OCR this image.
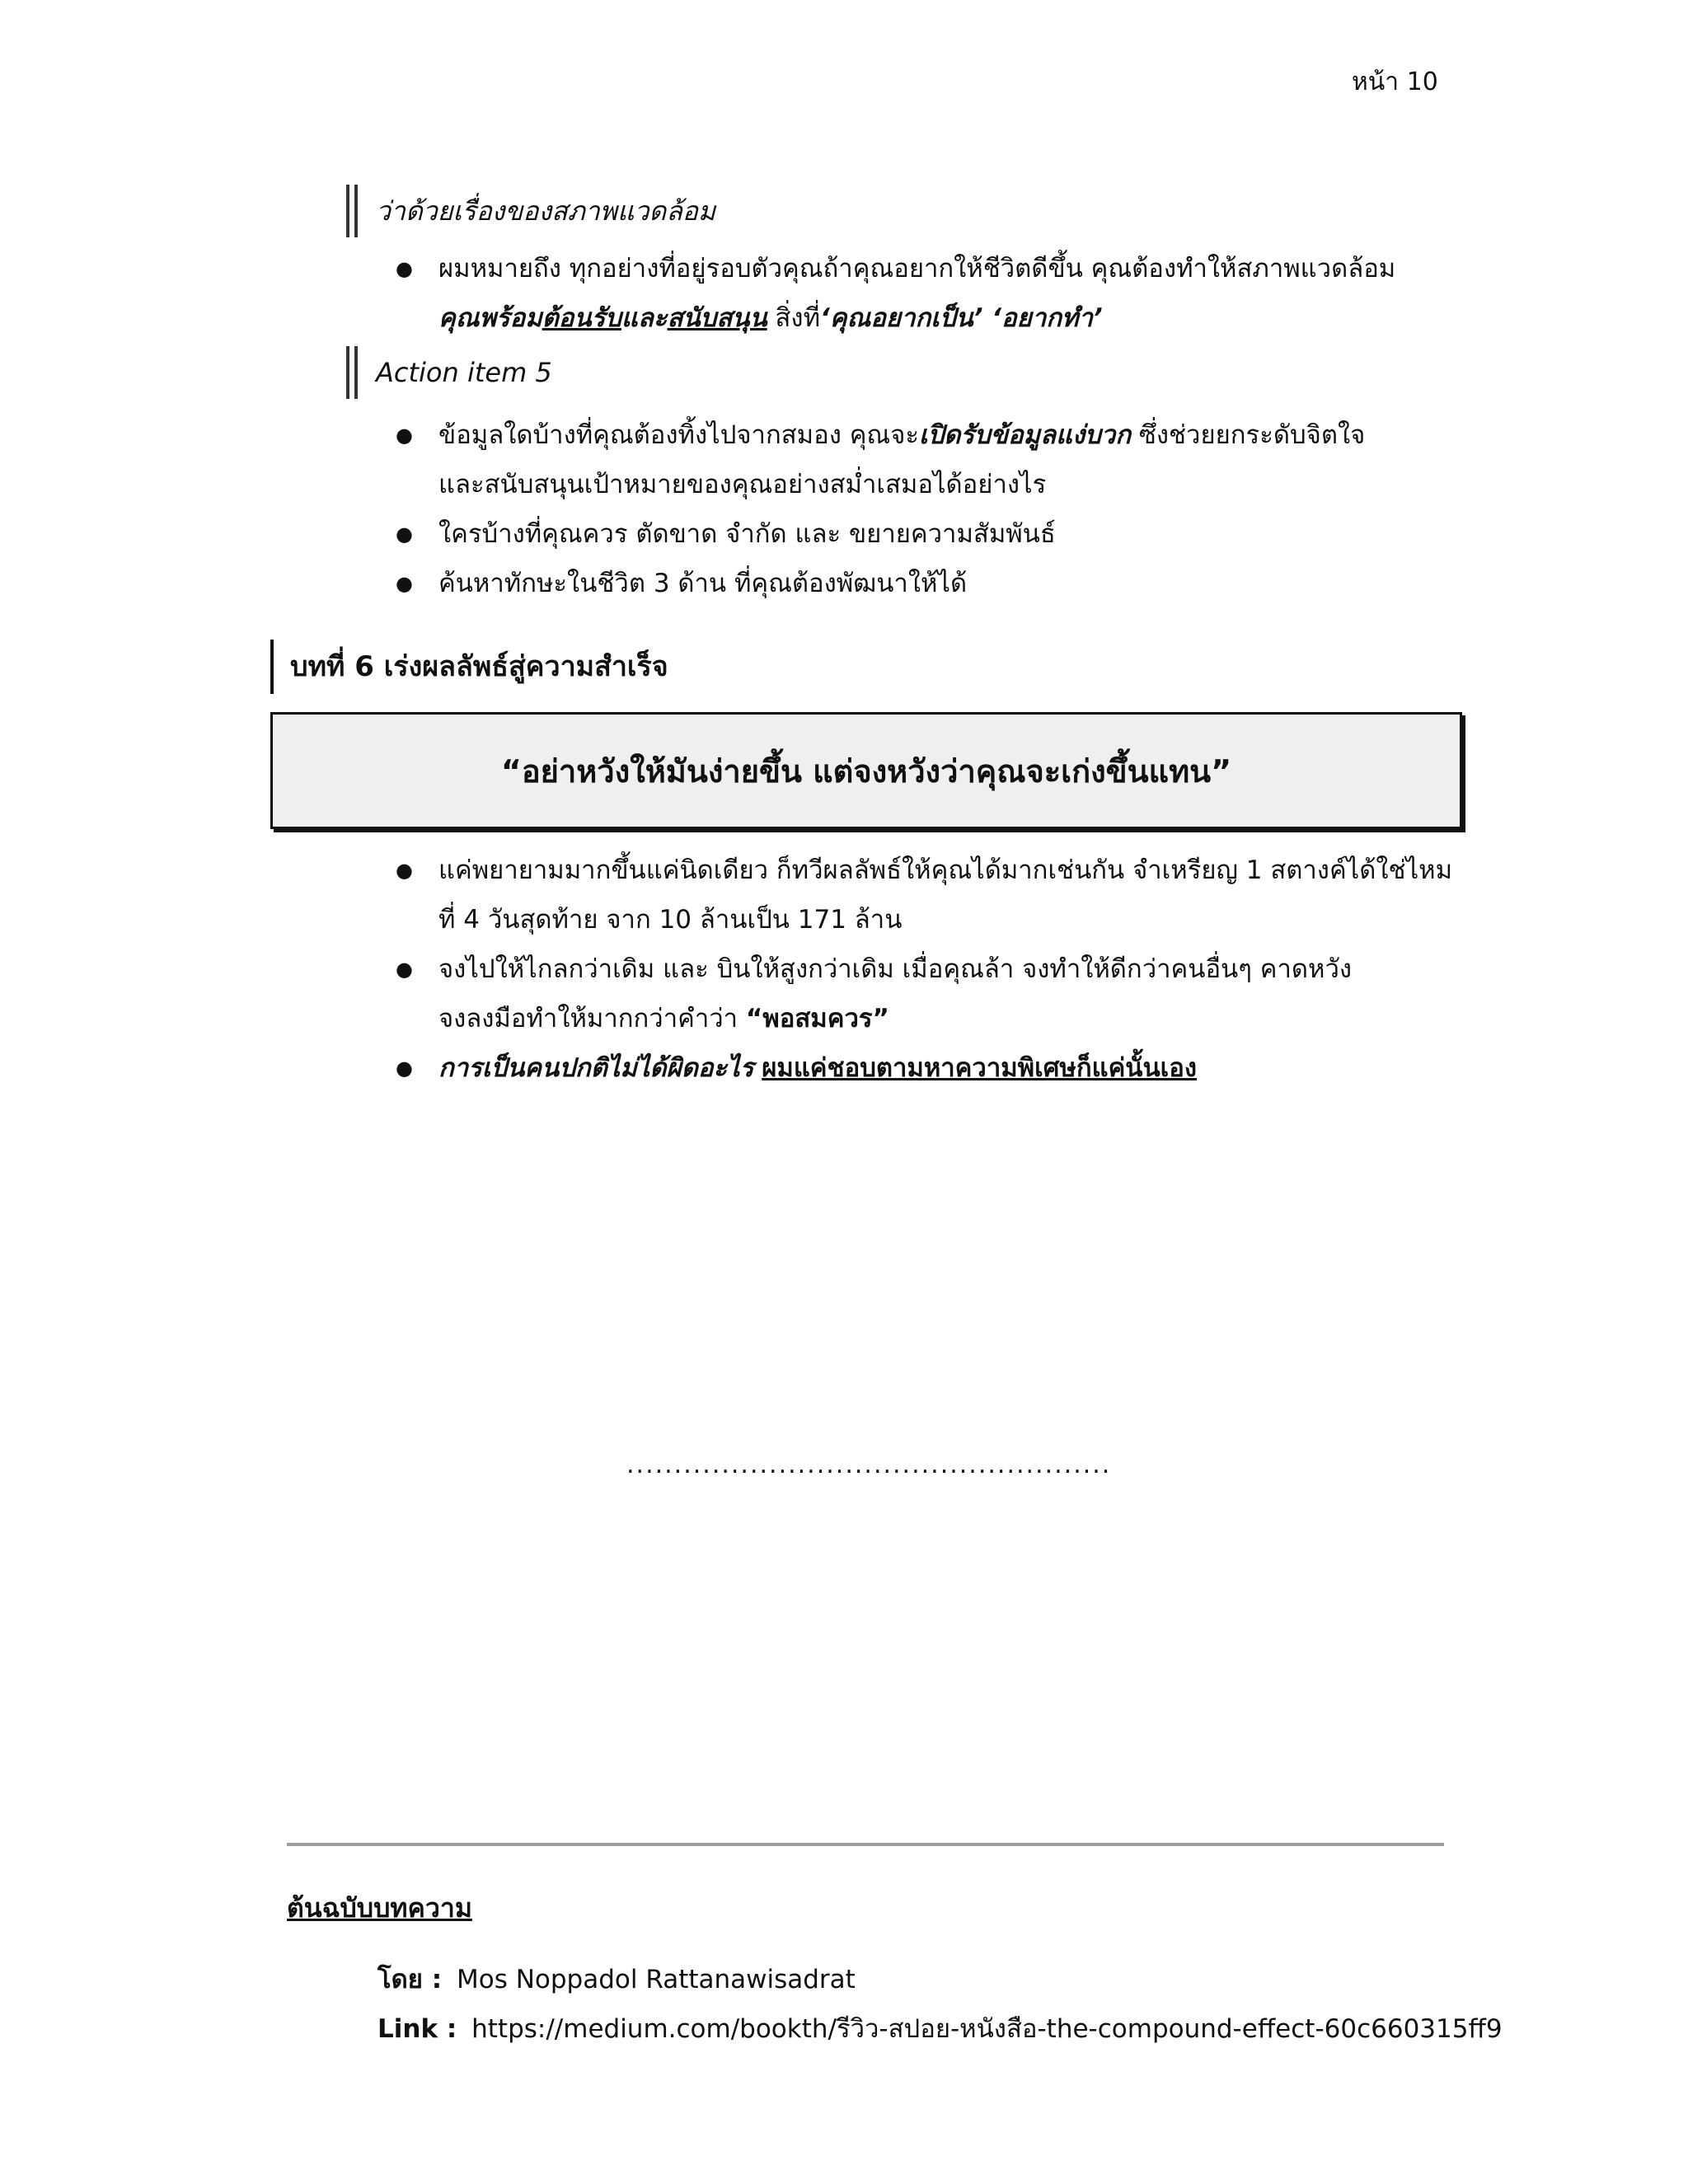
หน้า 10
ว่าด้วยเรื่องของสภาพแวดล้อม
● ผมหมายถึง ทุกอย่างที่อยู่รอบตัวคุณถ้าคุณอยากให้ชีวิตดีขึ้น คุณต้องทำให้สภาพแวดล้อม
คุณพร้อมต้อนรับและสนับสนุน สิ่งที่‘คุณอยากเป็น’ ‘อยากทำ’
Action item 5
● ข้อมูลใดบ้างที่คุณต้องทิ้งไปจากสมอง คุณจะเปิดรับข้อมูลแง่บวก ซึ่งช่วยยกระดับจิตใจ
และสนับสนุนเป้าหมายของคุณอย่างสม่ำเสมอได้อย่างไร
● ใครบ้างที่คุณควร ตัดขาด จำกัด และ ขยายความสัมพันธ์
● ค้นหาทักษะในชีวิต 3 ด้าน ที่คุณต้องพัฒนาให้ได้
บทที่ 6 เร่งผลลัพธ์สู่ความสำเร็จ
“อย่าหวังให้มันง่ายขึ้น แต่จงหวังว่าคุณจะเก่งขึ้นแทน”
● แค่พยายามมากขึ้นแค่นิดเดียว ก็ทวีผลลัพธ์ให้คุณได้มากเช่นกัน จำเหรียญ 1 สตางค์ได้ใช่ไหม
ที่ 4 วันสุดท้าย จาก 10 ล้านเป็น 171 ล้าน
● จงไปให้ไกลกว่าเดิม และ บินให้สูงกว่าเดิม เมื่อคุณล้า จงทำให้ดีกว่าคนอื่นๆ คาดหวัง
จงลงมือทำให้มากกว่าคำว่า “พอสมควร”
● การเป็นคนปกติไม่ได้ผิดอะไร ผมแค่ชอบตามหาความพิเศษก็แค่นั้นเอง
...................................................
ต้นฉบับบทความ
โดย : Mos Noppadol Rattanawisadrat
Link : https://medium.com/bookth/รีวิว-สปอย-หนังสือ-the-compound-effect-60c660315ff9
